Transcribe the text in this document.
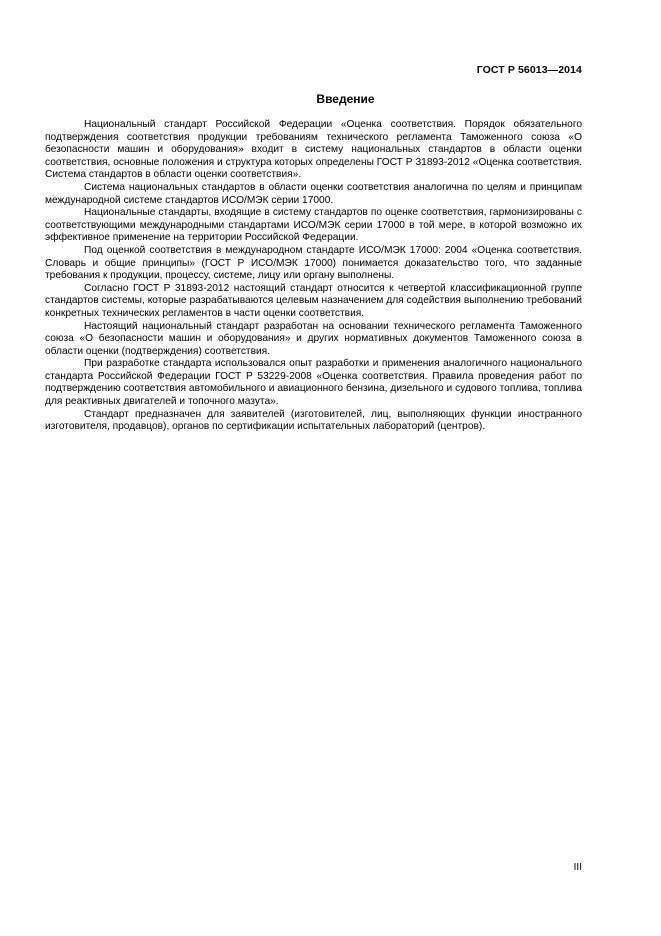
ГОСТ Р 56013—2014
Введение

Национальный стандарт Российской Федерации «Оценка соответствия. Порядок обязательного подтверждения соответствия продукции требованиям технического регламента Таможенного союза «О безопасности машин и оборудования» входит в систему национальных стандартов в области оценки соответствия, основные положения и структура которых определены ГОСТ Р 31893-2012 «Оценка соответствия. Система стандартов в области оценки соответствия».

Система национальных стандартов в области оценки соответствия аналогична по целям и принципам международной системе стандартов ИСО/МЭК серии 17000.

Национальные стандарты, входящие в систему стандартов по оценке соответствия, гармонизированы с соответствующими международными стандартами ИСО/МЭК серии 17000 в той мере, в которой возможно их эффективное применение на территории Российской Федерации.

Под оценкой соответствия в международном стандарте ИСО/МЭК 17000: 2004 «Оценка соответствия. Словарь и общие принципы» (ГОСТ Р ИСО/МЭК 17000) понимается доказательство того, что заданные требования к продукции, процессу, системе, лицу или органу выполнены.

Согласно ГОСТ Р 31893-2012 настоящий стандарт относится к четвертой классификационной группе стандартов системы, которые разрабатываются целевым назначением для содействия выполнению требований конкретных технических регламентов в части оценки соответствия.

Настоящий национальный стандарт разработан на основании технического регламента Таможенного союза «О безопасности машин и оборудования» и других нормативных документов Таможенного союза в области оценки (подтверждения) соответствия.

При разработке стандарта использовался опыт разработки и применения аналогичного национального стандарта Российской Федерации ГОСТ Р 53229-2008 «Оценка соответствия. Правила проведения работ по подтверждению соответствия автомобильного и авиационного бензина, дизельного и судового топлива, топлива для реактивных двигателей и топочного мазута».

Стандарт предназначен для заявителей (изготовителей, лиц, выполняющих функции иностранного изготовителя, продавцов), органов по сертификации испытательных лабораторий (центров).

III
